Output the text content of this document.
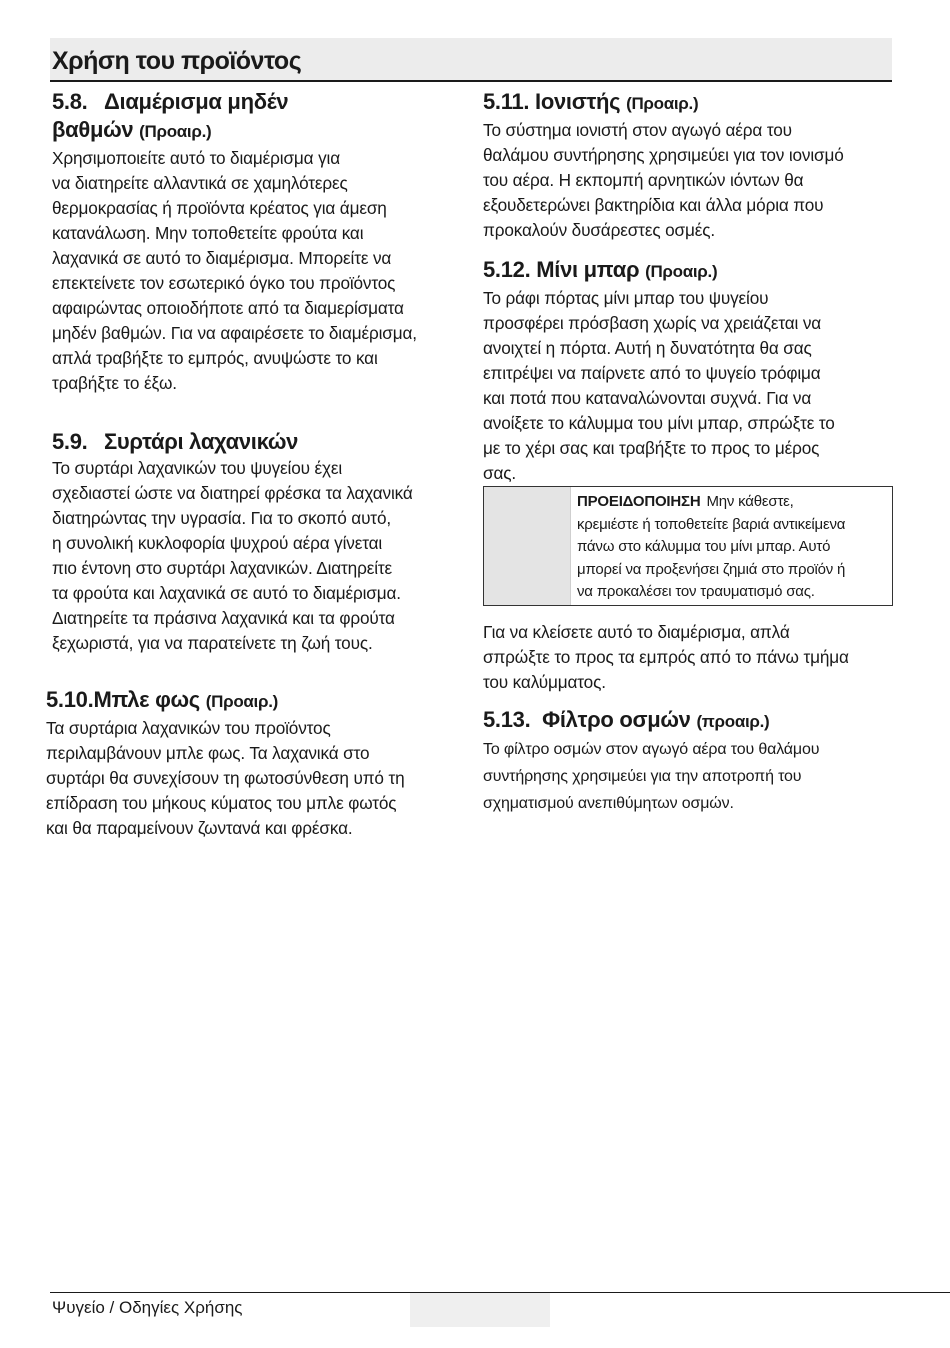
Χρήση του προϊόντος
5.8. Διαμέρισμα μηδέν
βαθμών (Προαιρ.)

Χρησιμοποιείτε αυτό το διαμέρισμα για
να διατηρείτε αλλαντικά σε χαμηλότερες
θερμοκρασίας ή προϊόντα κρέατος για άμεση
κατανάλωση. Μην τοποθετείτε φρούτα και
λαχανικά σε αυτό το διαμέρισμα. Μπορείτε να
επεκτείνετε τον εσωτερικό όγκο του προϊόντος
αφαιρώντας οποιοδήποτε από τα διαμερίσματα
μηδέν βαθμών. Για να αφαιρέσετε το διαμέρισμα,
απλά τραβήξτε το εμπρός, ανυψώστε το και
τραβήξτε το έξω.

5.9. Συρτάρι λαχανικών

Το συρτάρι λαχανικών του ψυγείου έχει
σχεδιαστεί ώστε να διατηρεί φρέσκα τα λαχανικά
διατηρώντας την υγρασία. Για το σκοπό αυτό,
η συνολική κυκλοφορία ψυχρού αέρα γίνεται
πιο έντονη στο συρτάρι λαχανικών. Διατηρείτε
τα φρούτα και λαχανικά σε αυτό το διαμέρισμα.
Διατηρείτε τα πράσινα λαχανικά και τα φρούτα
ξεχωριστά, για να παρατείνετε τη ζωή τους.

5.10.Μπλε φως (Προαιρ.)

Τα συρτάρια λαχανικών του προϊόντος
περιλαμβάνουν μπλε φως. Τα λαχανικά στο
συρτάρι θα συνεχίσουν τη φωτοσύνθεση υπό τη
επίδραση του μήκους κύματος του μπλε φωτός
και θα παραμείνουν ζωντανά και φρέσκα.

5.11. Ιονιστής (Προαιρ.)

Το σύστημα ιονιστή στον αγωγό αέρα του
θαλάμου συντήρησης χρησιμεύει για τον ιονισμό
του αέρα. Η εκπομπή αρνητικών ιόντων θα
εξουδετερώνει βακτηρίδια και άλλα μόρια που
προκαλούν δυσάρεστες οσμές.

5.12. Μίνι μπαρ (Προαιρ.)

Το ράφι πόρτας μίνι μπαρ του ψυγείου
προσφέρει πρόσβαση χωρίς να χρειάζεται να
ανοιχτεί η πόρτα. Αυτή η δυνατότητα θα σας
επιτρέψει να παίρνετε από το ψυγείο τρόφιμα
και ποτά που καταναλώνονται συχνά. Για να
ανοίξετε το κάλυμμα του μίνι μπαρ, σπρώξτε το
με το χέρι σας και τραβήξτε το προς το μέρος
σας.

ΠΡΟΕΙΔΟΠΟΙΗΣΗ Μην κάθεστε,
κρεμιέστε ή τοποθετείτε βαριά αντικείμενα
πάνω στο κάλυμμα του μίνι μπαρ. Αυτό
μπορεί να προξενήσει ζημιά στο προϊόν ή
να προκαλέσει τον τραυματισμό σας.

Για να κλείσετε αυτό το διαμέρισμα, απλά
σπρώξτε το προς τα εμπρός από το πάνω τμήμα
του καλύμματος.

5.13. Φίλτρο οσμών (προαιρ.)

Το φίλτρο οσμών στον αγωγό αέρα του θαλάμου
συντήρησης χρησιμεύει για την αποτροπή του
σχηματισμού ανεπιθύμητων οσμών.

Ψυγείο / Οδηγίες Χρήσης
